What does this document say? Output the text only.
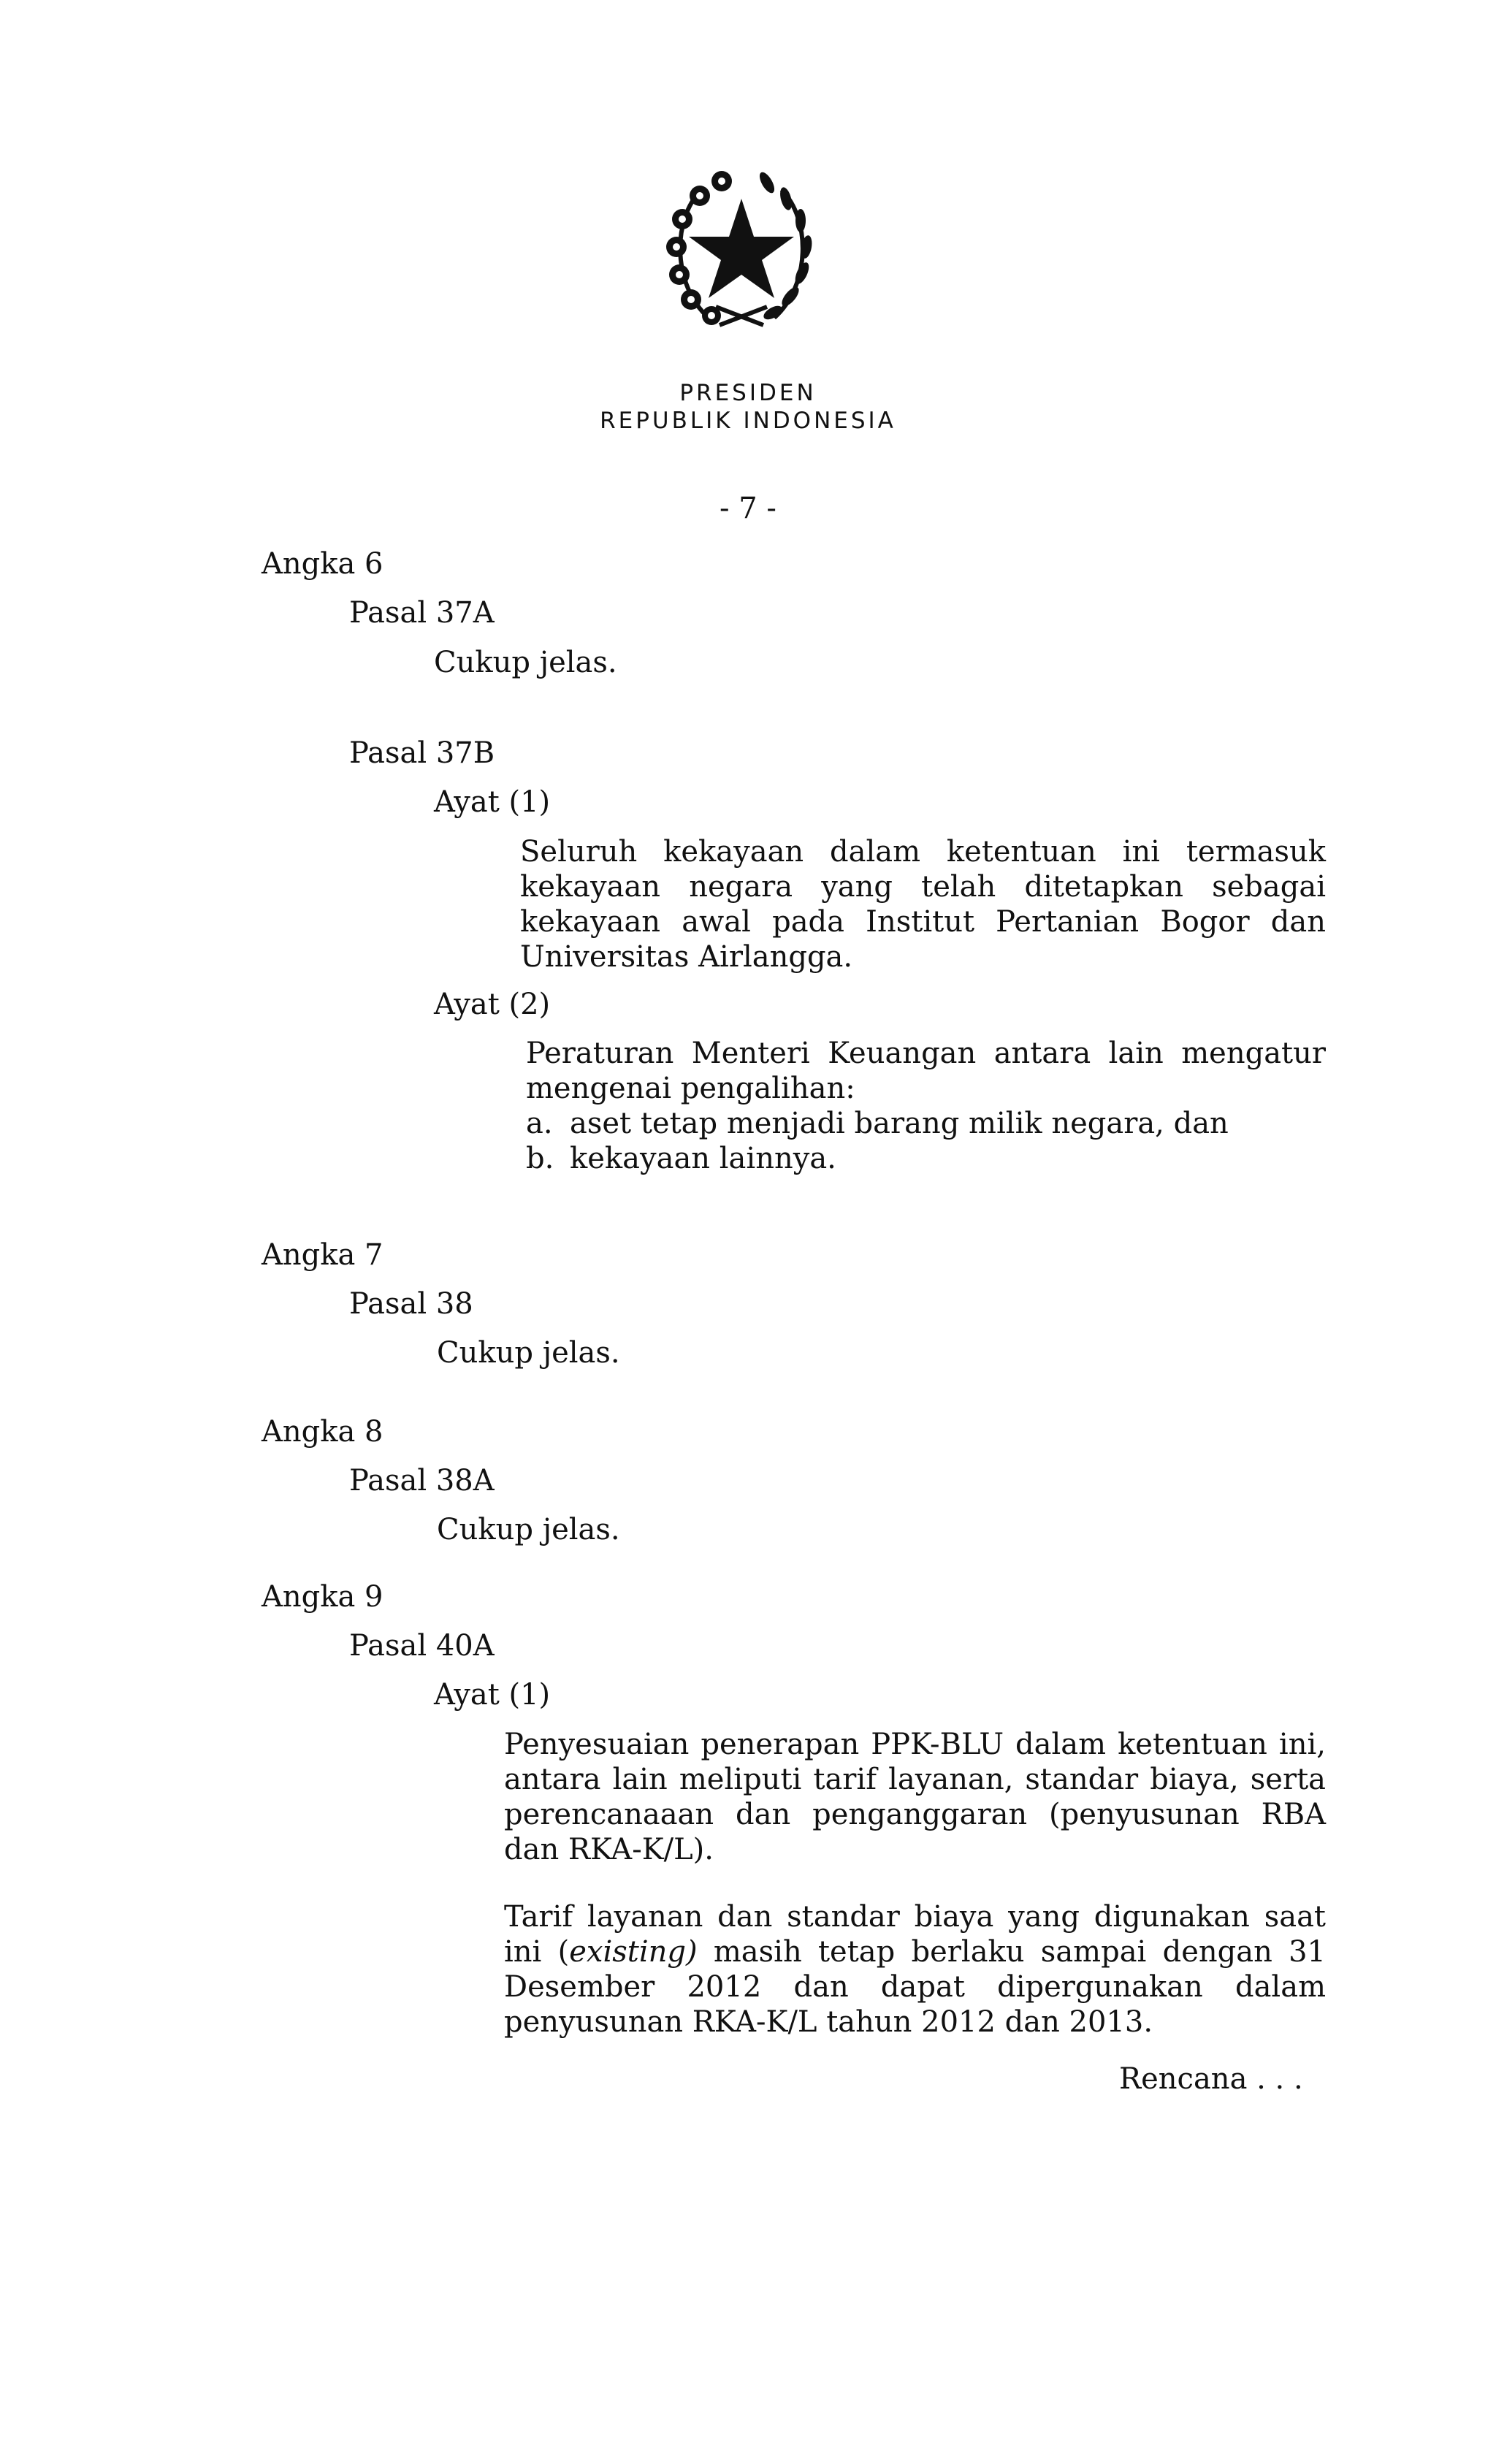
PRESIDEN
REPUBLIK INDONESIA
- 7 -
Angka 6
Pasal 37A
Cukup jelas.
Pasal 37B
Ayat (1)
Seluruh kekayaan dalam ketentuan ini termasuk kekayaan negara yang telah ditetapkan sebagai kekayaan awal pada Institut Pertanian Bogor dan Universitas Airlangga.
Ayat (2)
Peraturan Menteri Keuangan antara lain mengatur mengenai pengalihan:
a. aset tetap menjadi barang milik negara, dan
b. kekayaan lainnya.
Angka 7
Pasal 38
Cukup jelas.
Angka 8
Pasal 38A
Cukup jelas.
Angka 9
Pasal 40A
Ayat (1)
Penyesuaian penerapan PPK-BLU dalam ketentuan ini, antara lain meliputi tarif layanan, standar biaya, serta perencanaaan dan penganggaran (penyusunan RBA dan RKA-K/L).
Tarif layanan dan standar biaya yang digunakan saat ini (existing) masih tetap berlaku sampai dengan 31 Desember 2012 dan dapat dipergunakan dalam penyusunan RKA-K/L tahun 2012 dan 2013.
Rencana . . .
